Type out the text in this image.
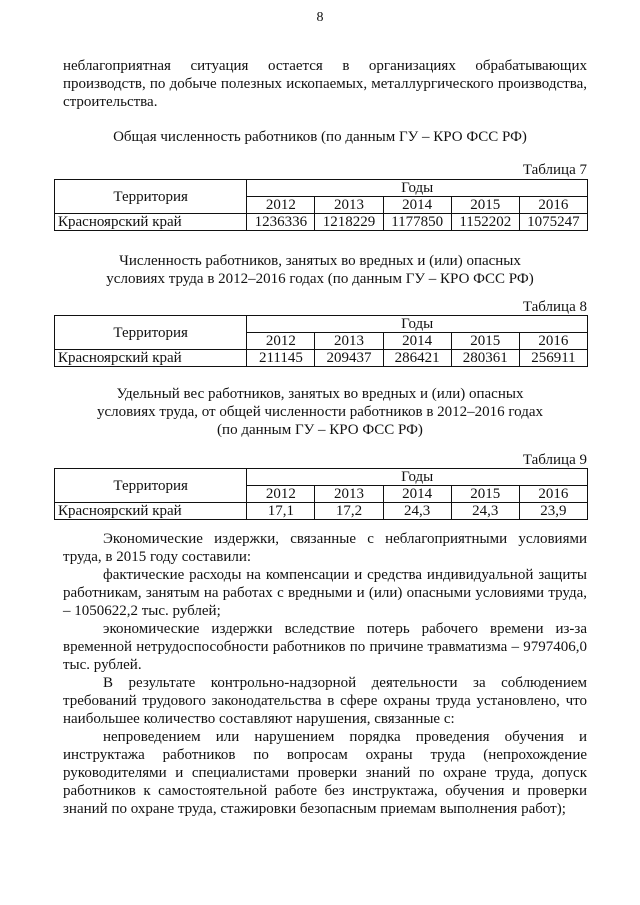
8
неблагоприятная ситуация остается в организациях обрабатывающих производств, по добыче полезных ископаемых, металлургического производства, строительства.
Общая численность работников (по данным ГУ – КРО ФСС РФ)
Таблица 7
Территория	Годы				
	2012	2013	2014	2015	2016
Красноярский край	1236336	1218229	1177850	1152202	1075247
Численность работников, занятых во вредных и (или) опасных
условиях труда в 2012–2016 годах (по данным ГУ – КРО ФСС РФ)
Таблица 8
Территория	Годы				
	2012	2013	2014	2015	2016
Красноярский край	211145	209437	286421	280361	256911
Удельный вес работников, занятых во вредных и (или) опасных
условиях труда, от общей численности работников в 2012–2016 годах
(по данным ГУ – КРО ФСС РФ)
Таблица 9
Территория	Годы				
	2012	2013	2014	2015	2016
Красноярский край	17,1	17,2	24,3	24,3	23,9
Экономические издержки, связанные с неблагоприятными условиями труда, в 2015 году составили:
фактические расходы на компенсации и средства индивидуальной защиты работникам, занятым на работах с вредными и (или) опасными условиями труда, – 1050622,2 тыс. рублей;
экономические издержки вследствие потерь рабочего времени из-за временной нетрудоспособности работников по причине травматизма – 9797406,0 тыс. рублей.
В результате контрольно-надзорной деятельности за соблюдением требований трудового законодательства в сфере охраны труда установлено, что наибольшее количество составляют нарушения, связанные с:
непроведением или нарушением порядка проведения обучения и инструктажа работников по вопросам охраны труда (непрохождение руководителями и специалистами проверки знаний по охране труда, допуск работников к самостоятельной работе без инструктажа, обучения и проверки знаний по охране труда, стажировки безопасным приемам выполнения работ);
